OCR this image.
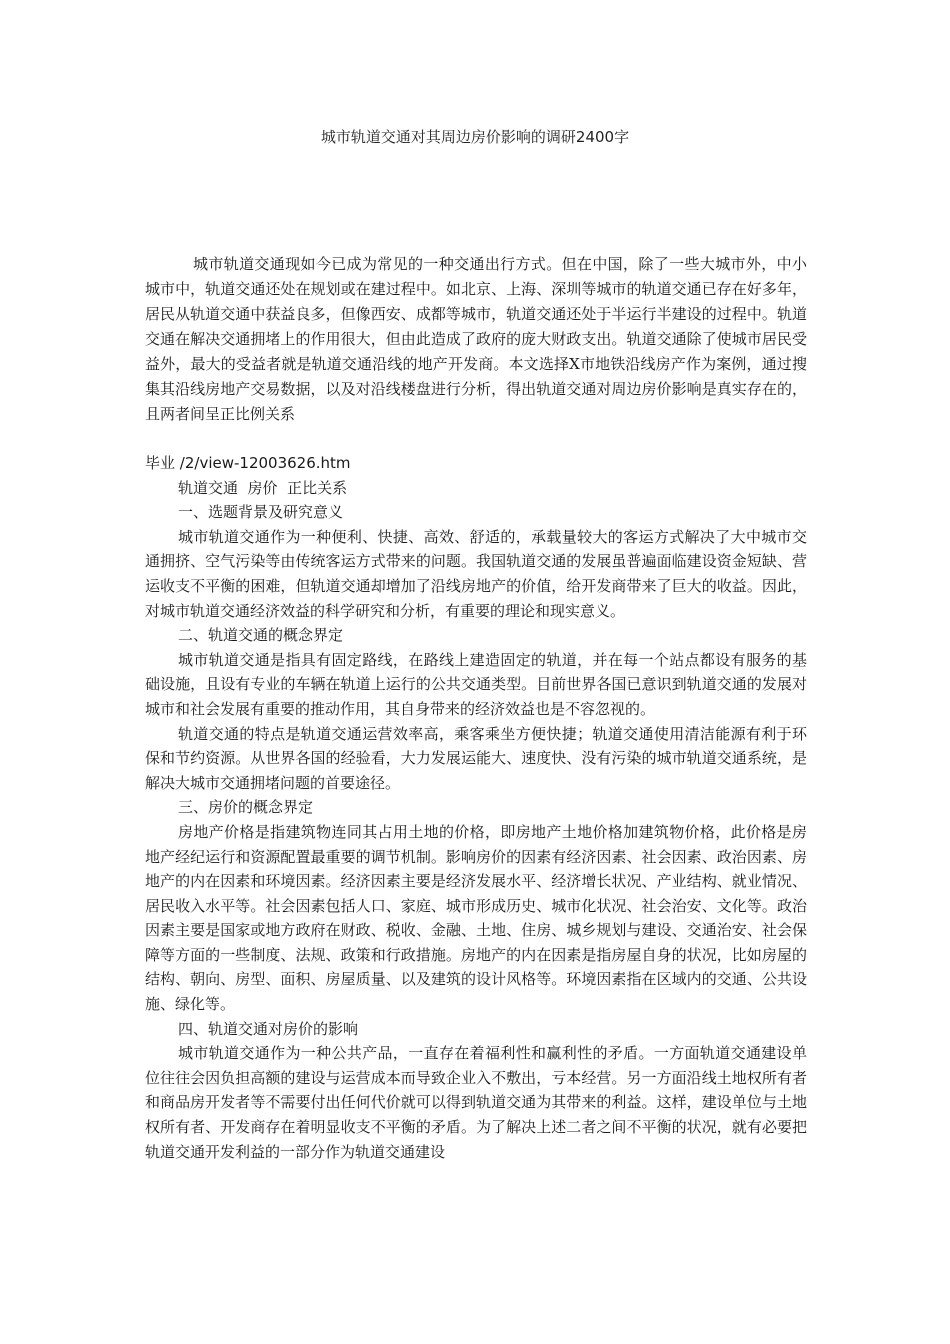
城市轨道交通对其周边房价影响的调研2400字

城市轨道交通现如今已成为常见的一种交通出行方式。但在中国，除了一些大城市外，中小城市中，轨道交通还处在规划或在建过程中。如北京、上海、深圳等城市的轨道交通已存在好多年，居民从轨道交通中获益良多，但像西安、成都等城市，轨道交通还处于半运行半建设的过程中。轨道交通在解决交通拥堵上的作用很大，但由此造成了政府的庞大财政支出。轨道交通除了使城市居民受益外，最大的受益者就是轨道交通沿线的地产开发商。本文选择X市地铁沿线房产作为案例，通过搜集其沿线房地产交易数据，以及对沿线楼盘进行分析，得出轨道交通对周边房价影响是真实存在的，且两者间呈正比例关系

毕业 /2/view-12003626.htm

轨道交通  房价  正比关系

一、选题背景及研究意义

城市轨道交通作为一种便利、快捷、高效、舒适的，承载量较大的客运方式解决了大中城市交通拥挤、空气污染等由传统客运方式带来的问题。我国轨道交通的发展虽普遍面临建设资金短缺、营运收支不平衡的困难，但轨道交通却增加了沿线房地产的价值，给开发商带来了巨大的收益。因此，对城市轨道交通经济效益的科学研究和分析，有重要的理论和现实意义。

二、轨道交通的概念界定

城市轨道交通是指具有固定路线，在路线上建造固定的轨道，并在每一个站点都设有服务的基础设施，且设有专业的车辆在轨道上运行的公共交通类型。目前世界各国已意识到轨道交通的发展对城市和社会发展有重要的推动作用，其自身带来的经济效益也是不容忽视的。

轨道交通的特点是轨道交通运营效率高，乘客乘坐方便快捷；轨道交通使用清洁能源有利于环保和节约资源。从世界各国的经验看，大力发展运能大、速度快、没有污染的城市轨道交通系统，是解决大城市交通拥堵问题的首要途径。

三、房价的概念界定

房地产价格是指建筑物连同其占用土地的价格，即房地产土地价格加建筑物价格，此价格是房地产经纪运行和资源配置最重要的调节机制。影响房价的因素有经济因素、社会因素、政治因素、房地产的内在因素和环境因素。经济因素主要是经济发展水平、经济增长状况、产业结构、就业情况、居民收入水平等。社会因素包括人口、家庭、城市形成历史、城市化状况、社会治安、文化等。政治因素主要是国家或地方政府在财政、税收、金融、土地、住房、城乡规划与建设、交通治安、社会保障等方面的一些制度、法规、政策和行政措施。房地产的内在因素是指房屋自身的状况，比如房屋的结构、朝向、房型、面积、房屋质量、以及建筑的设计风格等。环境因素指在区域内的交通、公共设施、绿化等。

四、轨道交通对房价的影响

城市轨道交通作为一种公共产品，一直存在着福利性和赢利性的矛盾。一方面轨道交通建设单位往往会因负担高额的建设与运营成本而导致企业入不敷出，亏本经营。另一方面沿线土地权所有者和商品房开发者等不需要付出任何代价就可以得到轨道交通为其带来的利益。这样，建设单位与土地权所有者、开发商存在着明显收支不平衡的矛盾。为了解决上述二者之间不平衡的状况，就有必要把轨道交通开发利益的一部分作为轨道交通建设
